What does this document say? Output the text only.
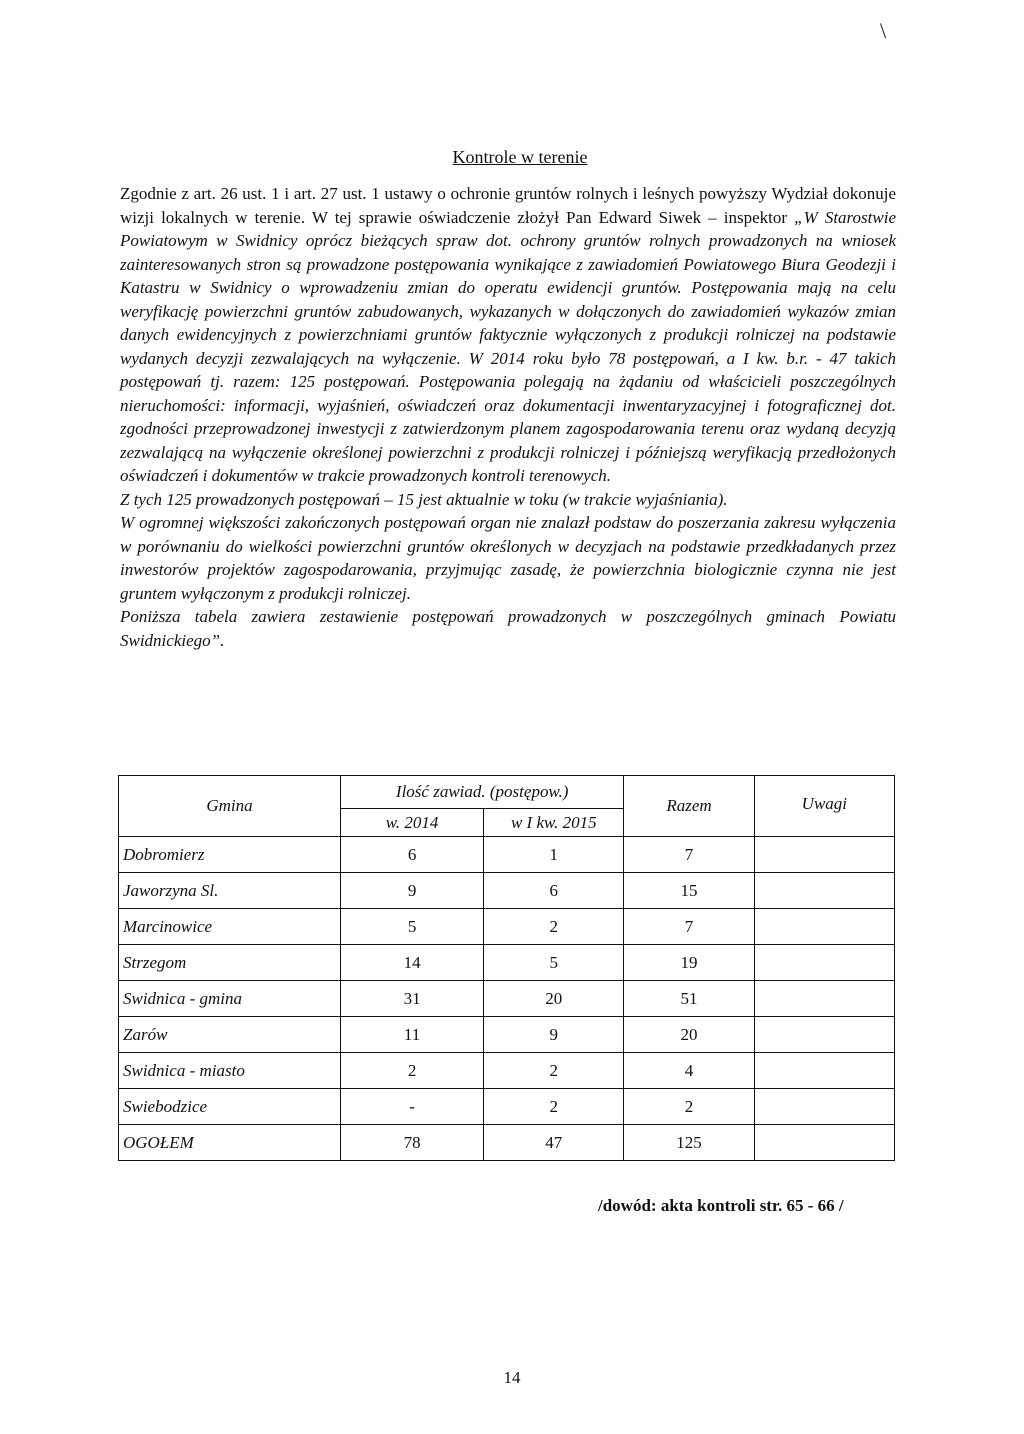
\
Kontrole w terenie

Zgodnie z art. 26 ust. 1 i art. 27 ust. 1 ustawy o ochronie gruntów rolnych i leśnych powyższy Wydział dokonuje wizji lokalnych w terenie. W tej sprawie oświadczenie złożył Pan Edward Siwek – inspektor „W Starostwie Powiatowym w Swidnicy oprócz bieżących spraw dot. ochrony gruntów rolnych prowadzonych na wniosek zainteresowanych stron są prowadzone postępowania wynikające z zawiadomień Powiatowego Biura Geodezji i Katastru w Swidnicy o wprowadzeniu zmian do operatu ewidencji gruntów. Postępowania mają na celu weryfikację powierzchni gruntów zabudowanych, wykazanych w dołączonych do zawiadomień wykazów zmian danych ewidencyjnych z powierzchniami gruntów faktycznie wyłączonych z produkcji rolniczej na podstawie wydanych decyzji zezwalających na wyłączenie. W 2014 roku było 78 postępowań, a I kw. b.r. - 47 takich postępowań tj. razem: 125 postępowań. Postępowania polegają na żądaniu od właścicieli poszczególnych nieruchomości: informacji, wyjaśnień, oświadczeń oraz dokumentacji inwentaryzacyjnej i fotograficznej dot. zgodności przeprowadzonej inwestycji z zatwierdzonym planem zagospodarowania terenu oraz wydaną decyzją zezwalającą na wyłączenie określonej powierzchni z produkcji rolniczej i późniejszą weryfikacją przedłożonych oświadczeń i dokumentów w trakcie prowadzonych kontroli terenowych.

Z tych 125 prowadzonych postępowań – 15 jest aktualnie w toku (w trakcie wyjaśniania).

W ogromnej większości zakończonych postępowań organ nie znalazł podstaw do poszerzania zakresu wyłączenia w porównaniu do wielkości powierzchni gruntów określonych w decyzjach na podstawie przedkładanych przez inwestorów projektów zagospodarowania, przyjmując zasadę, że powierzchnia biologicznie czynna nie jest gruntem wyłączonym z produkcji rolniczej.

Poniższa tabela zawiera zestawienie postępowań prowadzonych w poszczególnych gminach Powiatu Swidnickiego”.

Gmina	Ilość zawiad. (postępow.)		Razem	Uwagi
	w. 2014	w I kw. 2015		
Dobromierz	6	1	7	
Jaworzyna Sl.	9	6	15	
Marcinowice	5	2	7	
Strzegom	14	5	19	
Swidnica - gmina	31	20	51	
Zarów	11	9	20	
Swidnica - miasto	2	2	4	
Swiebodzice	-	2	2	
OGOŁEM	78	47	125	
/dowód: akta kontroli str. 65 - 66 /
14
